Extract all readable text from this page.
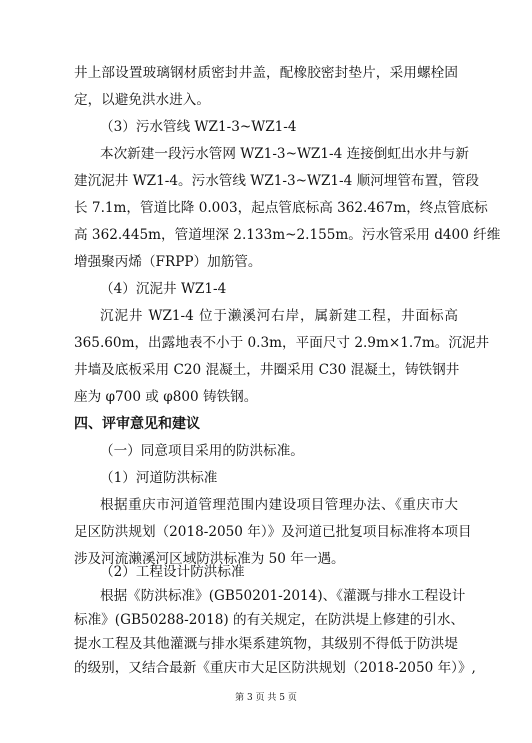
井上部设置玻璃钢材质密封井盖，配橡胶密封垫片，采用螺栓固
定，以避免洪水进入。
（3）污水管线 WZ1-3~WZ1-4
本次新建一段污水管网 WZ1-3~WZ1-4 连接倒虹出水井与新
建沉泥井 WZ1-4。污水管线 WZ1-3~WZ1-4 顺河埋管布置，管段
长 7.1m，管道比降 0.003，起点管底标高 362.467m，终点管底标
高 362.445m，管道埋深 2.133m~2.155m。污水管采用 d400 纤维
增强聚丙烯（FRPP）加筋管。
（4）沉泥井 WZ1-4
沉泥井 WZ1-4 位于濑溪河右岸，属新建工程，井面标高
365.60m，出露地表不小于 0.3m，平面尺寸 2.9m×1.7m。沉泥井
井墙及底板采用 C20 混凝土，井圈采用 C30 混凝土，铸铁钢井
座为 φ700 或 φ800 铸铁钢。
四、评审意见和建议
（一）同意项目采用的防洪标准。
（1）河道防洪标准
根据重庆市河道管理范围内建设项目管理办法、《重庆市大
足区防洪规划（2018-2050 年）》及河道已批复项目标准将本项目
涉及河流濑溪河区域防洪标准为 50 年一遇。
（2）工程设计防洪标准
根据《防洪标准》(GB50201-2014)、《灌溉与排水工程设计
标准》(GB50288-2018) 的有关规定，在防洪堤上修建的引水、
提水工程及其他灌溉与排水渠系建筑物，其级别不得低于防洪堤
的级别，又结合最新《重庆市大足区防洪规划（2018-2050 年）》,
第 3 页 共 5 页
